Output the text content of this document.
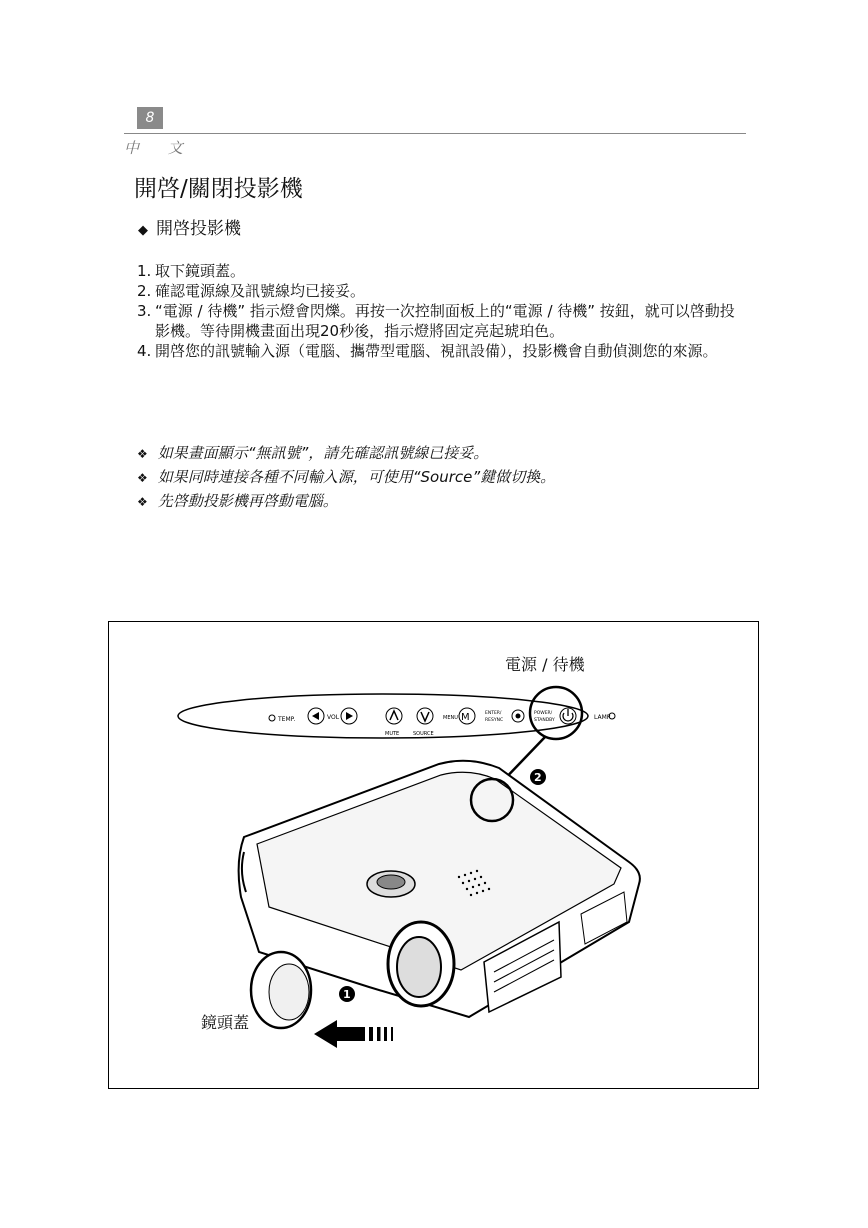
8
中 文
開啓/關閉投影機
◆ 開啓投影機
1. 取下鏡頭蓋。
2. 確認電源線及訊號線均已接妥。
3. “電源 / 待機” 指示燈會閃爍。再按一次控制面板上的“電源 / 待機” 按鈕，就可以啓動投影機。等待開機畫面出現20秒後，指示燈將固定亮起琥珀色。
4. 開啓您的訊號輸入源（電腦、攜帶型電腦、視訊設備），投影機會自動偵測您的來源。
❖ 如果畫面顯示“無訊號”，請先確認訊號線已接妥。
❖ 如果同時連接各種不同輸入源，可使用“Source”鍵做切換。
❖ 先啓動投影機再啓動電腦。
TEMP.	VOL
MUTE	SOURCE
MENU M	ENTER/
RESYNC
POWER/
STANDBY	LAMP
2
1
電源 / 待機
鏡頭蓋
